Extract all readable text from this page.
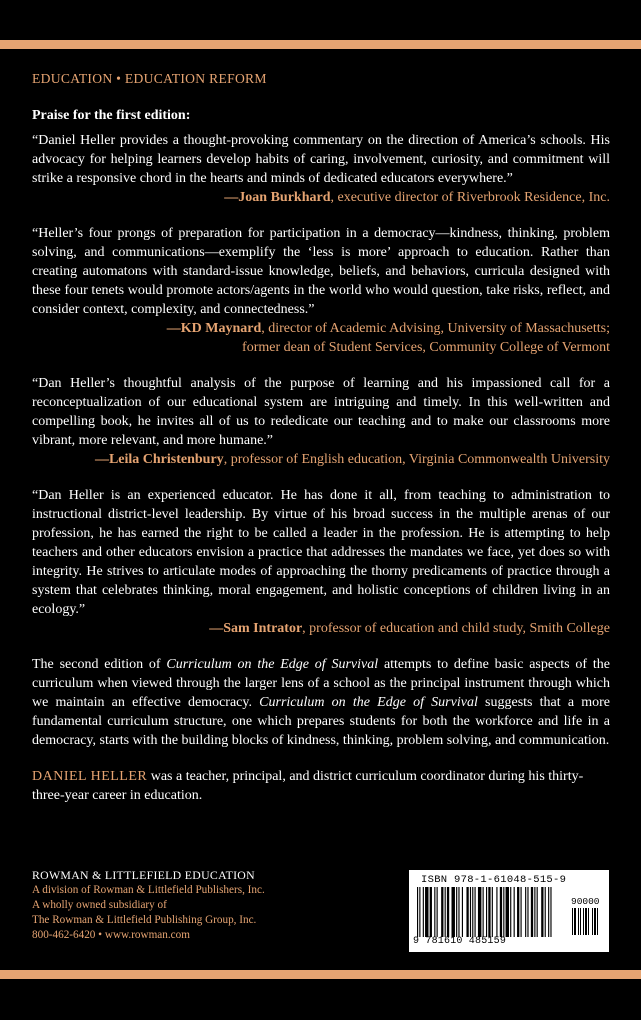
EDUCATION • EDUCATION REFORM

Praise for the first edition:

“Daniel Heller provides a thought-provoking commentary on the direction of America’s schools. His advocacy for helping learners develop habits of caring, involvement, curiosity, and commitment will strike a responsive chord in the hearts and minds of dedicated educators everywhere.”

—Joan Burkhard, executive director of Riverbrook Residence, Inc.

“Heller’s four prongs of preparation for participation in a democracy—kindness, thinking, problem solving, and communications—exemplify the ‘less is more’ approach to education. Rather than creating automatons with standard-issue knowledge, beliefs, and behaviors, curricula designed with these four tenets would promote actors/agents in the world who would question, take risks, reflect, and consider context, complexity, and connectedness.”

—KD Maynard, director of Academic Advising, University of Massachusetts;
former dean of Student Services, Community College of Vermont

“Dan Heller’s thoughtful analysis of the purpose of learning and his impassioned call for a reconceptualization of our educational system are intriguing and timely. In this well-written and compelling book, he invites all of us to rededicate our teaching and to make our classrooms more vibrant, more relevant, and more humane.”

—Leila Christenbury, professor of English education, Virginia Commonwealth University

“Dan Heller is an experienced educator. He has done it all, from teaching to administration to instructional district-level leadership. By virtue of his broad success in the multiple arenas of our profession, he has earned the right to be called a leader in the profession. He is attempting to help teachers and other educators envision a practice that addresses the mandates we face, yet does so with integrity. He strives to articulate modes of approaching the thorny predicaments of practice through a system that celebrates thinking, moral engagement, and holistic conceptions of children living in an ecology.”

—Sam Intrator, professor of education and child study, Smith College

The second edition of Curriculum on the Edge of Survival attempts to define basic aspects of the curriculum when viewed through the larger lens of a school as the principal instrument through which we maintain an effective democracy. Curriculum on the Edge of Survival suggests that a more fundamental curriculum structure, one which prepares students for both the workforce and life in a democracy, starts with the building blocks of kindness, thinking, problem solving, and communication.

DANIEL HELLER was a teacher, principal, and district curriculum coordinator during his thirty-three-year career in education.

ROWMAN & LITTLEFIELD EDUCATION
A division of Rowman & Littlefield Publishers, Inc.
A wholly owned subsidiary of
The Rowman & Littlefield Publishing Group, Inc.
800-462-6420 • www.rowman.com
ISBN 978-1-61048-515-9
90000
9 781610 485159
